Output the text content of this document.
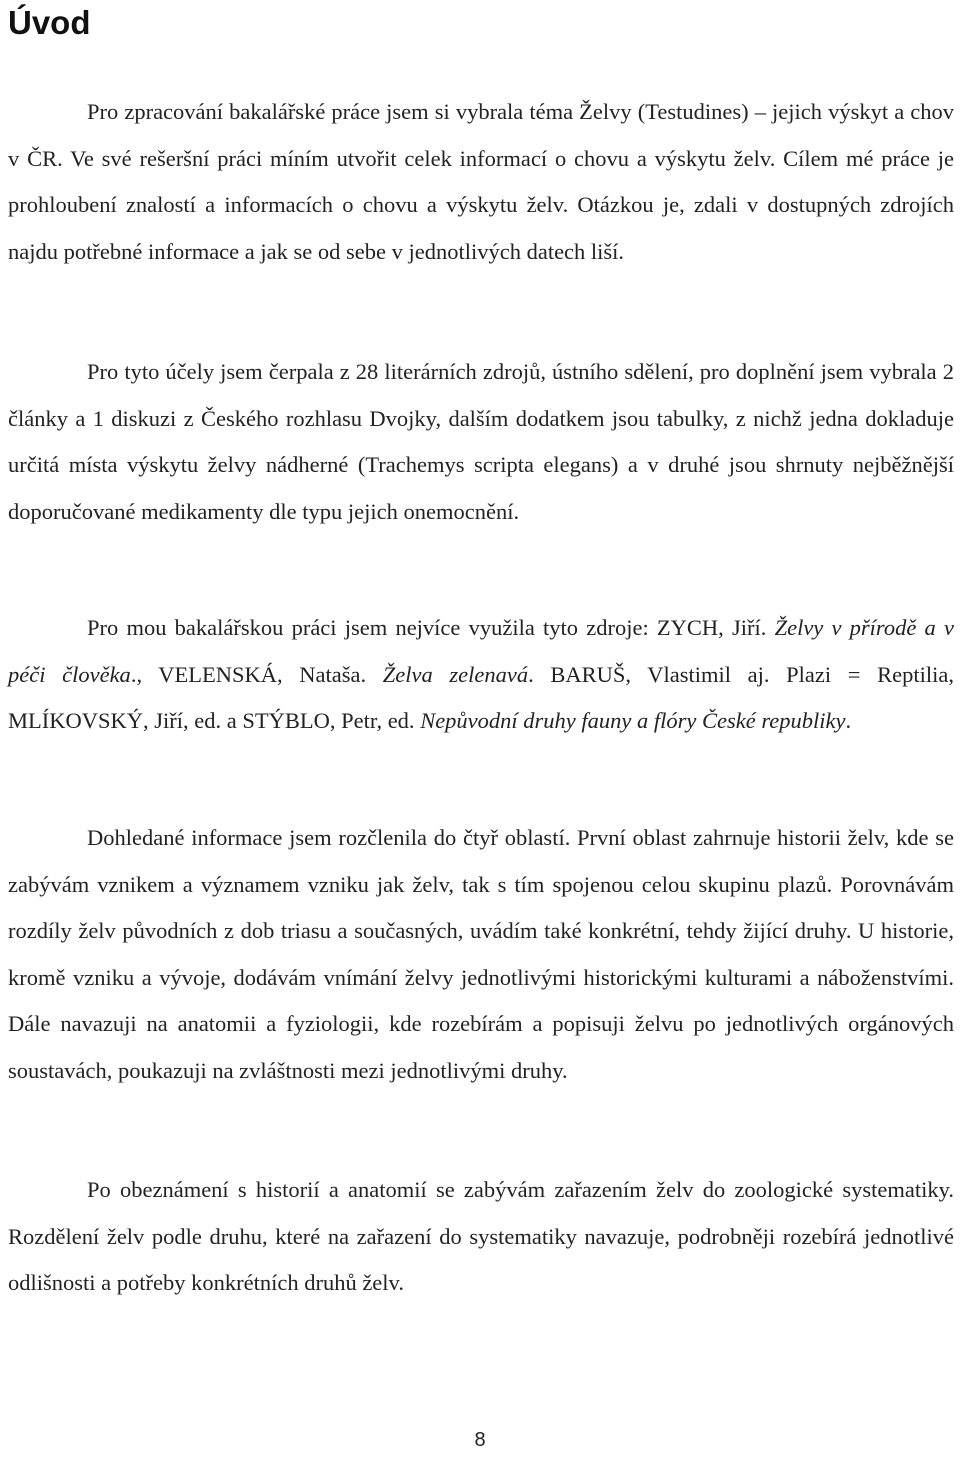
Úvod

Pro zpracování bakalářské práce jsem si vybrala téma Želvy (Testudines) – jejich výskyt a chov v ČR. Ve své rešeršní práci míním utvořit celek informací o chovu a výskytu želv. Cílem mé práce je prohloubení znalostí a informacích o chovu a výskytu želv. Otázkou je, zdali v dostupných zdrojích najdu potřebné informace a jak se od sebe v jednotlivých datech liší.

Pro tyto účely jsem čerpala z 28 literárních zdrojů, ústního sdělení, pro doplnění jsem vybrala 2 články a 1 diskuzi z Českého rozhlasu Dvojky, dalším dodatkem jsou tabulky, z nichž jedna dokladuje určitá místa výskytu želvy nádherné (Trachemys scripta elegans) a v druhé jsou shrnuty nejběžnější doporučované medikamenty dle typu jejich onemocnění.

Pro mou bakalářskou práci jsem nejvíce využila tyto zdroje: ZYCH, Jiří. Želvy v přírodě a v péči člověka., VELENSKÁ, Nataša. Želva zelenavá. BARUŠ, Vlastimil aj. Plazi = Reptilia, MLÍKOVSKÝ, Jiří, ed. a STÝBLO, Petr, ed. Nepůvodní druhy fauny a flóry České republiky.

Dohledané informace jsem rozčlenila do čtyř oblastí. První oblast zahrnuje historii želv, kde se zabývám vznikem a významem vzniku jak želv, tak s tím spojenou celou skupinu plazů. Porovnávám rozdíly želv původních z dob triasu a současných, uvádím také konkrétní, tehdy žijící druhy. U historie, kromě vzniku a vývoje, dodávám vnímání želvy jednotlivými historickými kulturami a náboženstvími. Dále navazuji na anatomii a fyziologii, kde rozebírám a popisuji želvu po jednotlivých orgánových soustavách, poukazuji na zvláštnosti mezi jednotlivými druhy.

Po obeznámení s historií a anatomií se zabývám zařazením želv do zoologické systematiky. Rozdělení želv podle druhu, které na zařazení do systematiky navazuje, podrobněji rozebírá jednotlivé odlišnosti a potřeby konkrétních druhů želv.

8
